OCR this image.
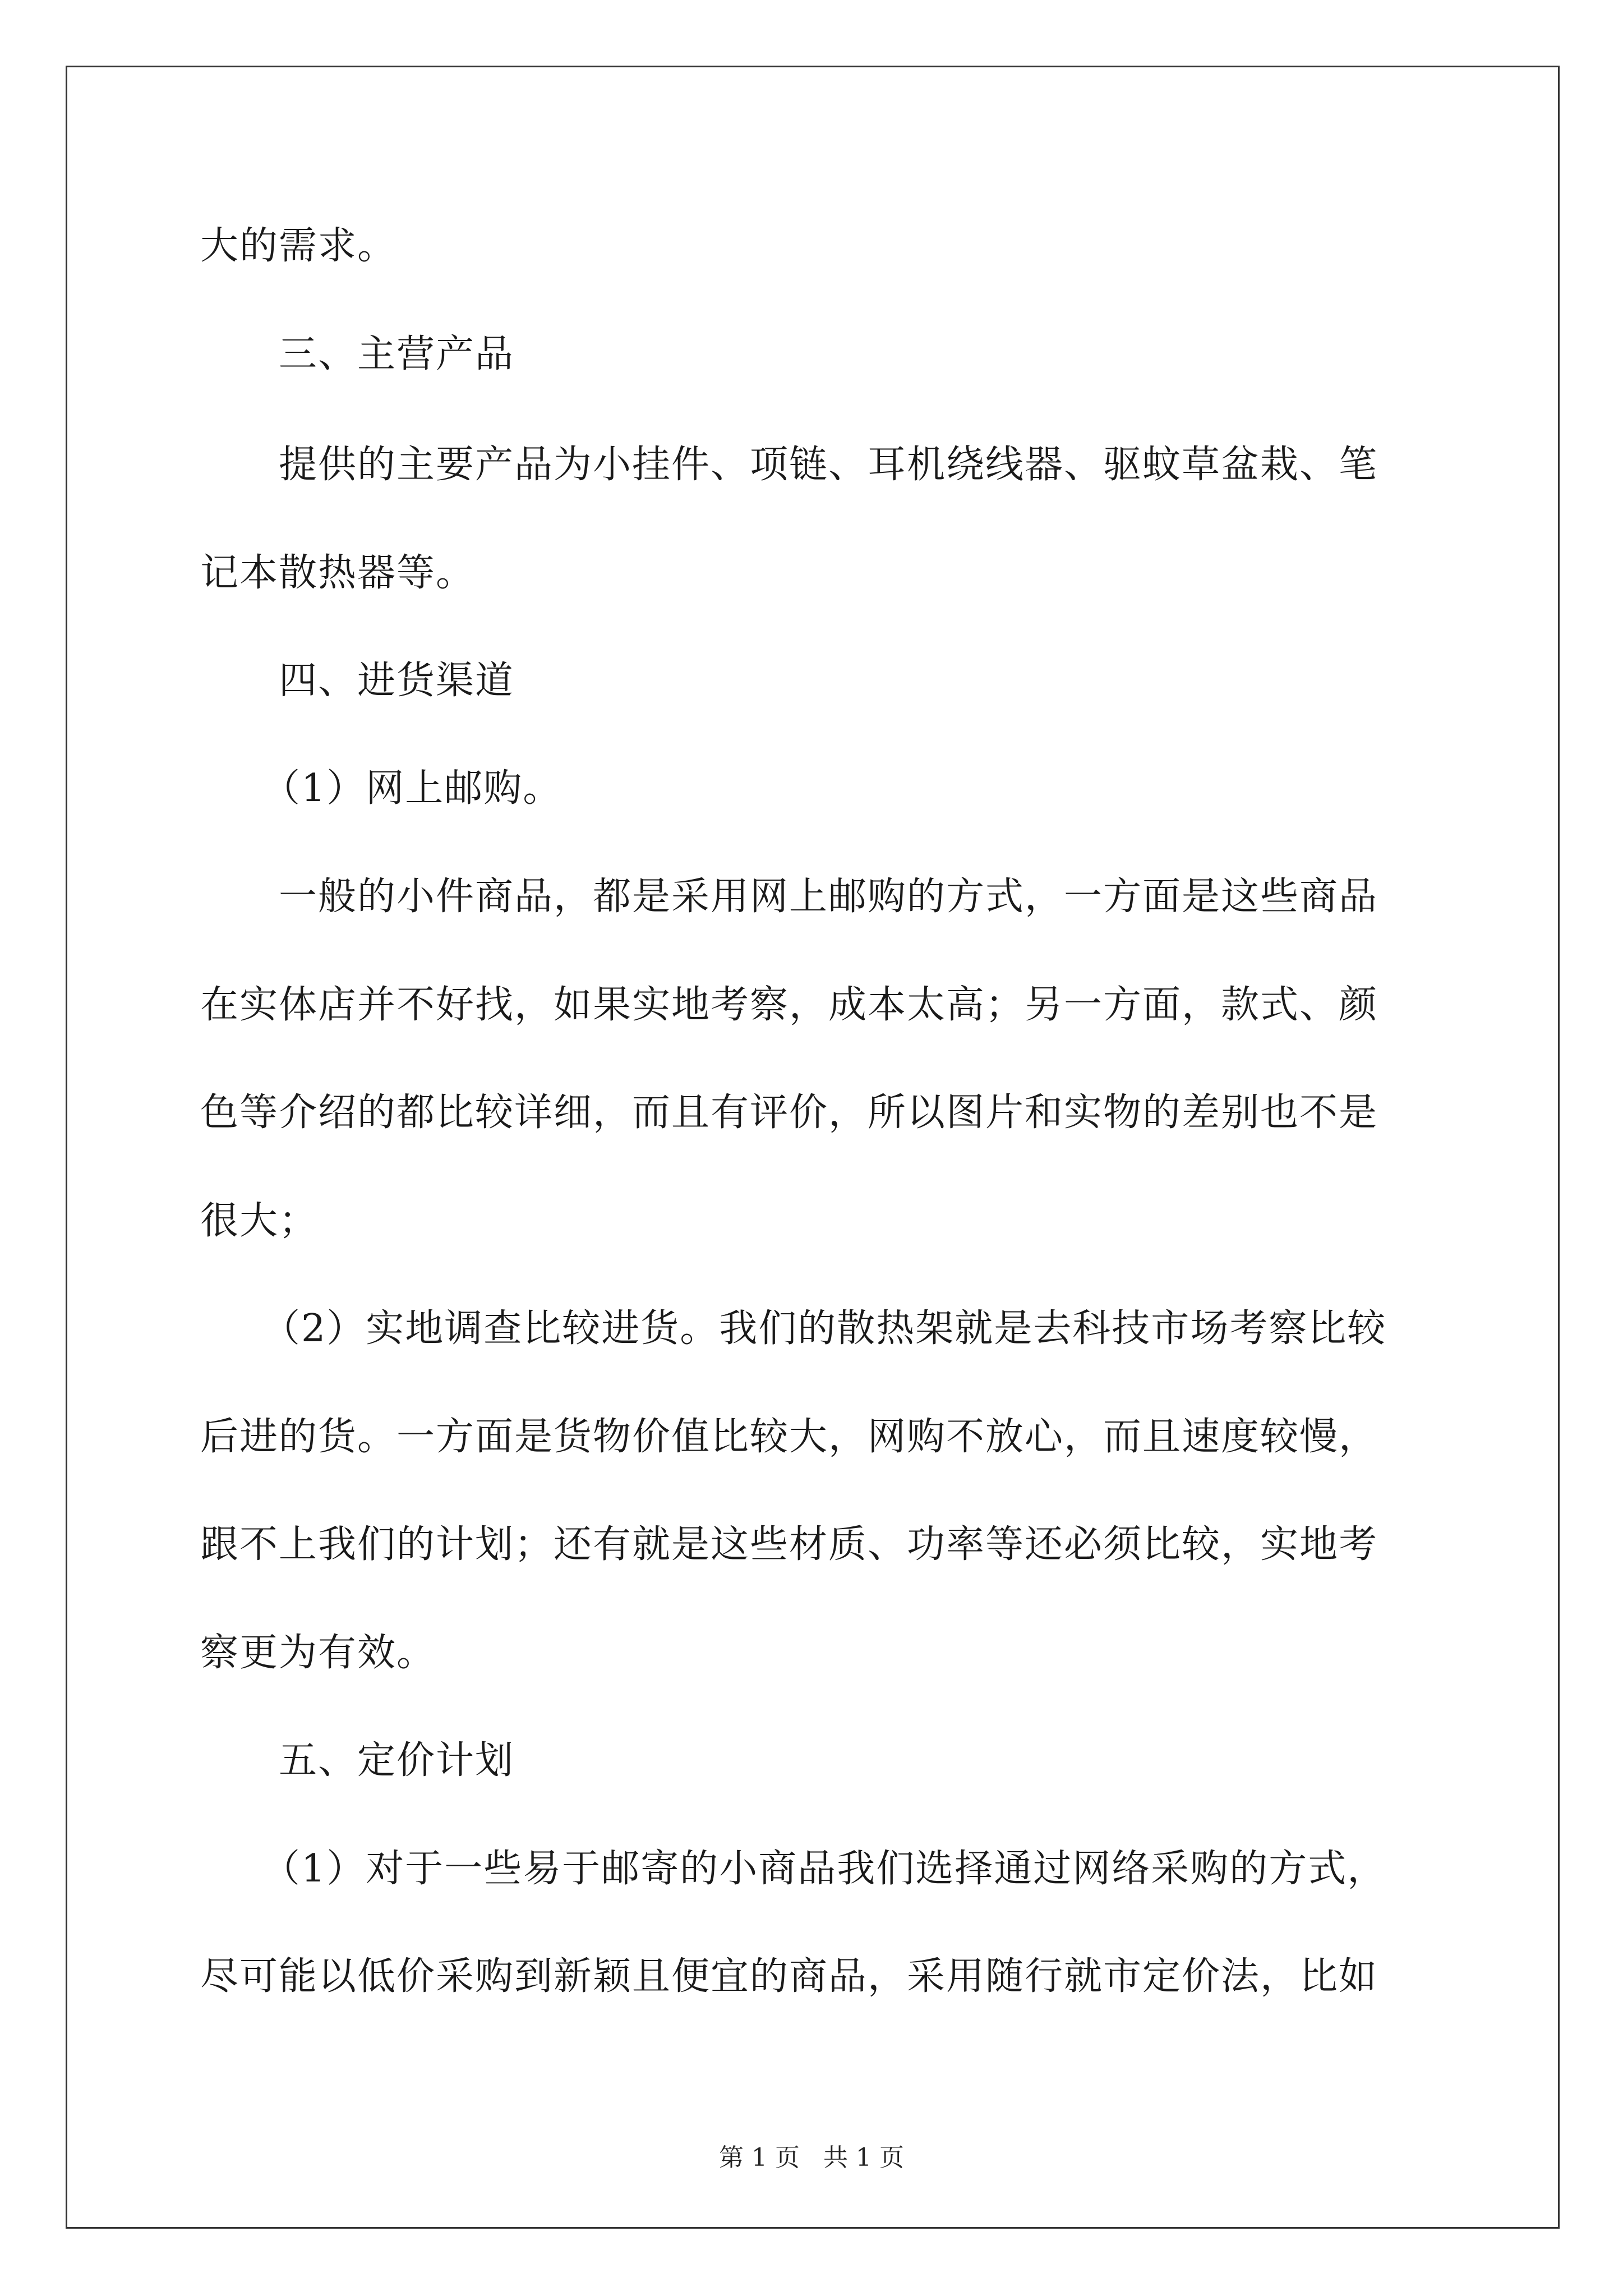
大的需求。
三、主营产品
提供的主要产品为小挂件、项链、耳机绕线器、驱蚊草盆栽、笔
记本散热器等。
四、进货渠道
（1）网上邮购。
一般的小件商品，都是采用网上邮购的方式，一方面是这些商品
在实体店并不好找，如果实地考察，成本太高；另一方面，款式、颜
色等介绍的都比较详细，而且有评价，所以图片和实物的差别也不是
很大；
（2）实地调查比较进货。我们的散热架就是去科技市场考察比较
后进的货。一方面是货物价值比较大，网购不放心，而且速度较慢，
跟不上我们的计划；还有就是这些材质、功率等还必须比较，实地考
察更为有效。
五、定价计划
（1）对于一些易于邮寄的小商品我们选择通过网络采购的方式，
尽可能以低价采购到新颖且便宜的商品，采用随行就市定价法，比如
第 1 页   共 1 页
